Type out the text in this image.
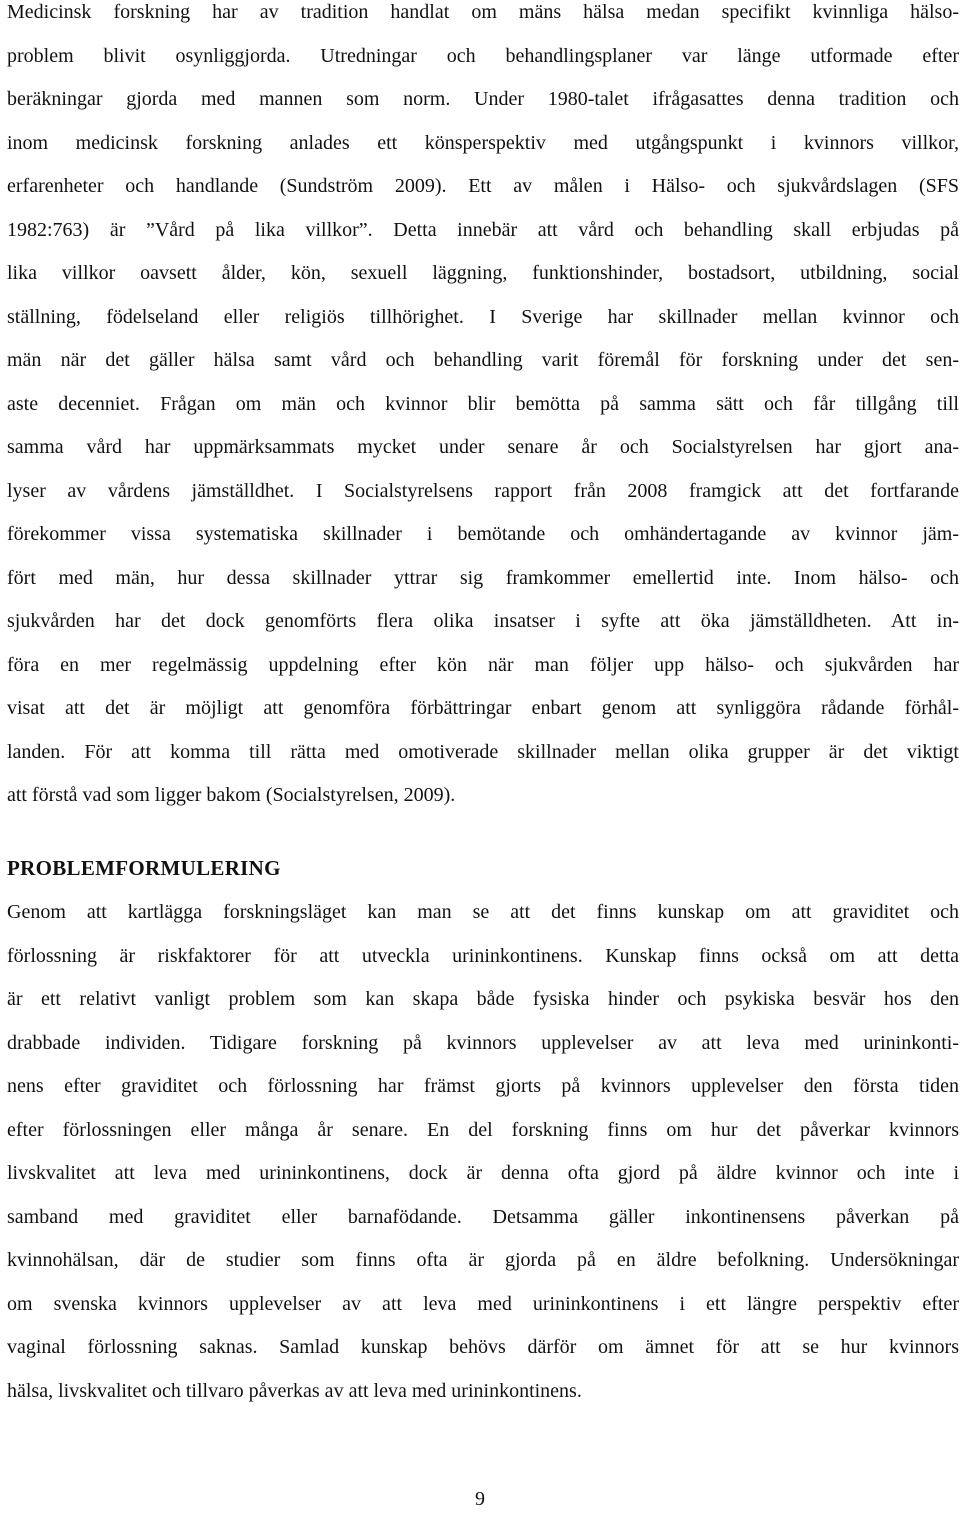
Medicinsk forskning har av tradition handlat om mäns hälsa medan specifikt kvinnliga hälso-
problem blivit osynliggjorda. Utredningar och behandlingsplaner var länge utformade efter
beräkningar gjorda med mannen som norm. Under 1980-talet ifrågasattes denna tradition och
inom medicinsk forskning anlades ett könsperspektiv med utgångspunkt i kvinnors villkor,
erfarenheter och handlande (Sundström 2009). Ett av målen i Hälso- och sjukvårdslagen (SFS
1982:763) är ”Vård på lika villkor”. Detta innebär att vård och behandling skall erbjudas på
lika villkor oavsett ålder, kön, sexuell läggning, funktionshinder, bostadsort, utbildning, social
ställning, födelseland eller religiös tillhörighet. I Sverige har skillnader mellan kvinnor och
män när det gäller hälsa samt vård och behandling varit föremål för forskning under det sen-
aste decenniet. Frågan om män och kvinnor blir bemötta på samma sätt och får tillgång till
samma vård har uppmärksammats mycket under senare år och Socialstyrelsen har gjort ana-
lyser av vårdens jämställdhet. I Socialstyrelsens rapport från 2008 framgick att det fortfarande
förekommer vissa systematiska skillnader i bemötande och omhändertagande av kvinnor jäm-
fört med män, hur dessa skillnader yttrar sig framkommer emellertid inte. Inom hälso- och
sjukvården har det dock genomförts flera olika insatser i syfte att öka jämställdheten. Att in-
föra en mer regelmässig uppdelning efter kön när man följer upp hälso- och sjukvården har
visat att det är möjligt att genomföra förbättringar enbart genom att synliggöra rådande förhål-
landen. För att komma till rätta med omotiverade skillnader mellan olika grupper är det viktigt
att förstå vad som ligger bakom (Socialstyrelsen, 2009).
PROBLEMFORMULERING
Genom att kartlägga forskningsläget kan man se att det finns kunskap om att graviditet och
förlossning är riskfaktorer för att utveckla urininkontinens. Kunskap finns också om att detta
är ett relativt vanligt problem som kan skapa både fysiska hinder och psykiska besvär hos den
drabbade individen. Tidigare forskning på kvinnors upplevelser av att leva med urininkonti-
nens efter graviditet och förlossning har främst gjorts på kvinnors upplevelser den första tiden
efter förlossningen eller många år senare. En del forskning finns om hur det påverkar kvinnors
livskvalitet att leva med urininkontinens, dock är denna ofta gjord på äldre kvinnor och inte i
samband med graviditet eller barnafödande. Detsamma gäller inkontinensens påverkan på
kvinnohälsan, där de studier som finns ofta är gjorda på en äldre befolkning. Undersökningar
om svenska kvinnors upplevelser av att leva med urininkontinens i ett längre perspektiv efter
vaginal förlossning saknas. Samlad kunskap behövs därför om ämnet för att se hur kvinnors
hälsa, livskvalitet och tillvaro påverkas av att leva med urininkontinens.
9
